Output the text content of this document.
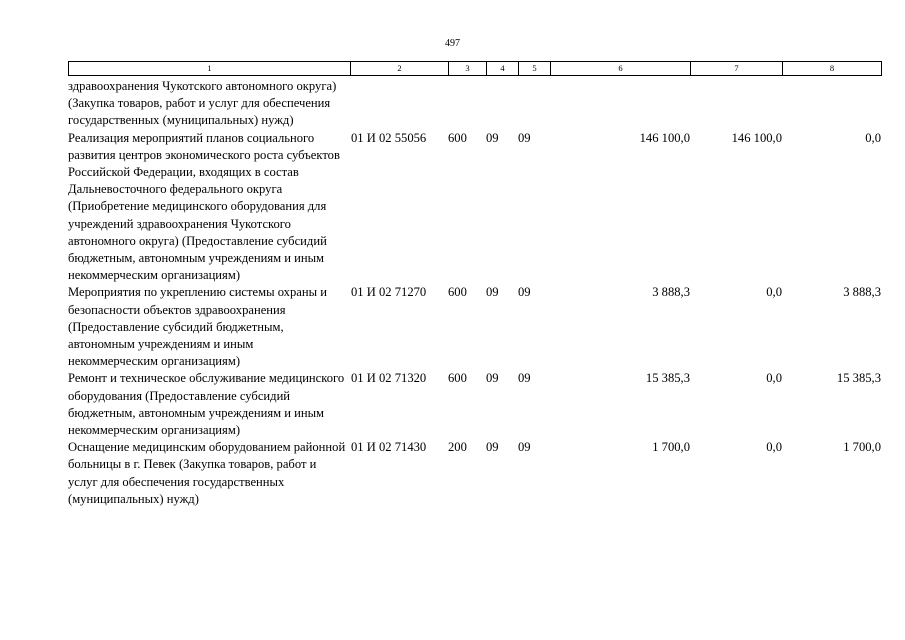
497
1	2	3	4	5	6	7	8
здравоохранения Чукотского автономного округа) (Закупка товаров, работ и услуг для обеспечения государственных (муниципальных) нужд)							
Реализация мероприятий планов социального развития центров экономического роста субъектов Российской Федерации, входящих в состав Дальневосточного федерального округа (Приобретение медицинского оборудования для учреждений здравоохранения Чукотского автономного округа) (Предоставление субсидий бюджетным, автономным учреждениям и иным некоммерческим организациям)	01 И 02 55056	600	09	09	146 100,0	146 100,0	0,0
Мероприятия по укреплению системы охраны и безопасности объектов здравоохранения (Предоставление субсидий бюджетным, автономным учреждениям и иным некоммерческим организациям)	01 И 02 71270	600	09	09	3 888,3	0,0	3 888,3
Ремонт и техническое обслуживание медицинского оборудования (Предоставление субсидий бюджетным, автономным учреждениям и иным некоммерческим организациям)	01 И 02 71320	600	09	09	15 385,3	0,0	15 385,3
Оснащение медицинским оборудованием районной больницы в г. Певек (Закупка товаров, работ и услуг для обеспечения государственных (муниципальных) нужд)	01 И 02 71430	200	09	09	1 700,0	0,0	1 700,0
